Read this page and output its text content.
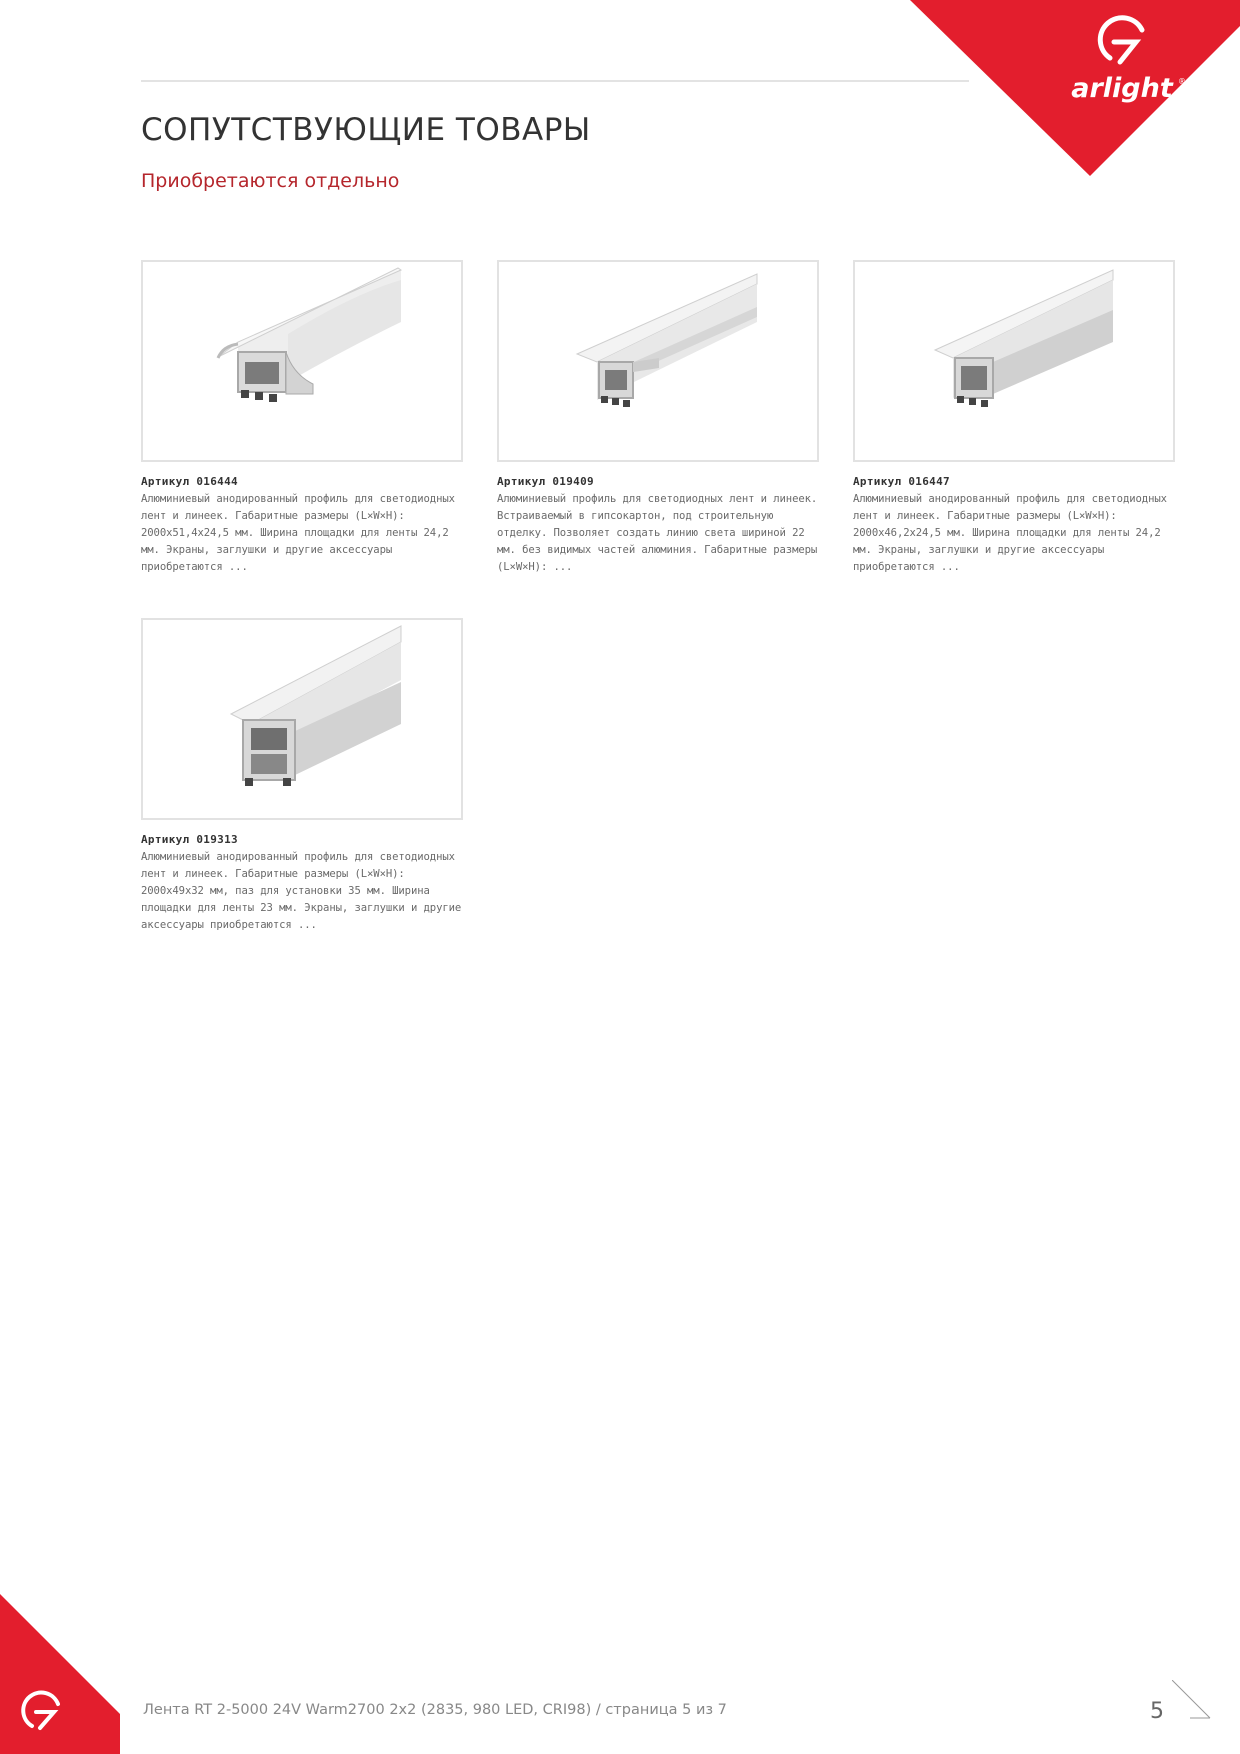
arlight ®
СОПУТСТВУЮЩИЕ ТОВАРЫ

Приобретаются отдельно

Артикул 016444
Алюминиевый анодированный профиль для светодиодных лент и линеек. Габаритные размеры (L×W×H): 2000x51,4x24,5 мм. Ширина площадки для ленты 24,2 мм. Экраны, заглушки и другие аксессуары приобретаются ...
Артикул 019409
Алюминиевый профиль для светодиодных лент и линеек. Встраиваемый в гипсокартон, под строительную отделку. Позволяет создать линию света шириной 22 мм. без видимых частей алюминия. Габаритные размеры (L×W×H): ...
Артикул 016447
Алюминиевый анодированный профиль для светодиодных лент и линеек. Габаритные размеры (L×W×H): 2000x46,2x24,5 мм. Ширина площадки для ленты 24,2 мм. Экраны, заглушки и другие аксессуары приобретаются ...
Артикул 019313
Алюминиевый анодированный профиль для светодиодных лент и линеек. Габаритные размеры (L×W×H): 2000x49x32 мм, паз для установки 35 мм. Ширина площадки для ленты 23 мм. Экраны, заглушки и другие аксессуары приобретаются ...
Лента RT 2-5000 24V Warm2700 2x2 (2835, 980 LED, CRI98) / страница 5 из 7	5
